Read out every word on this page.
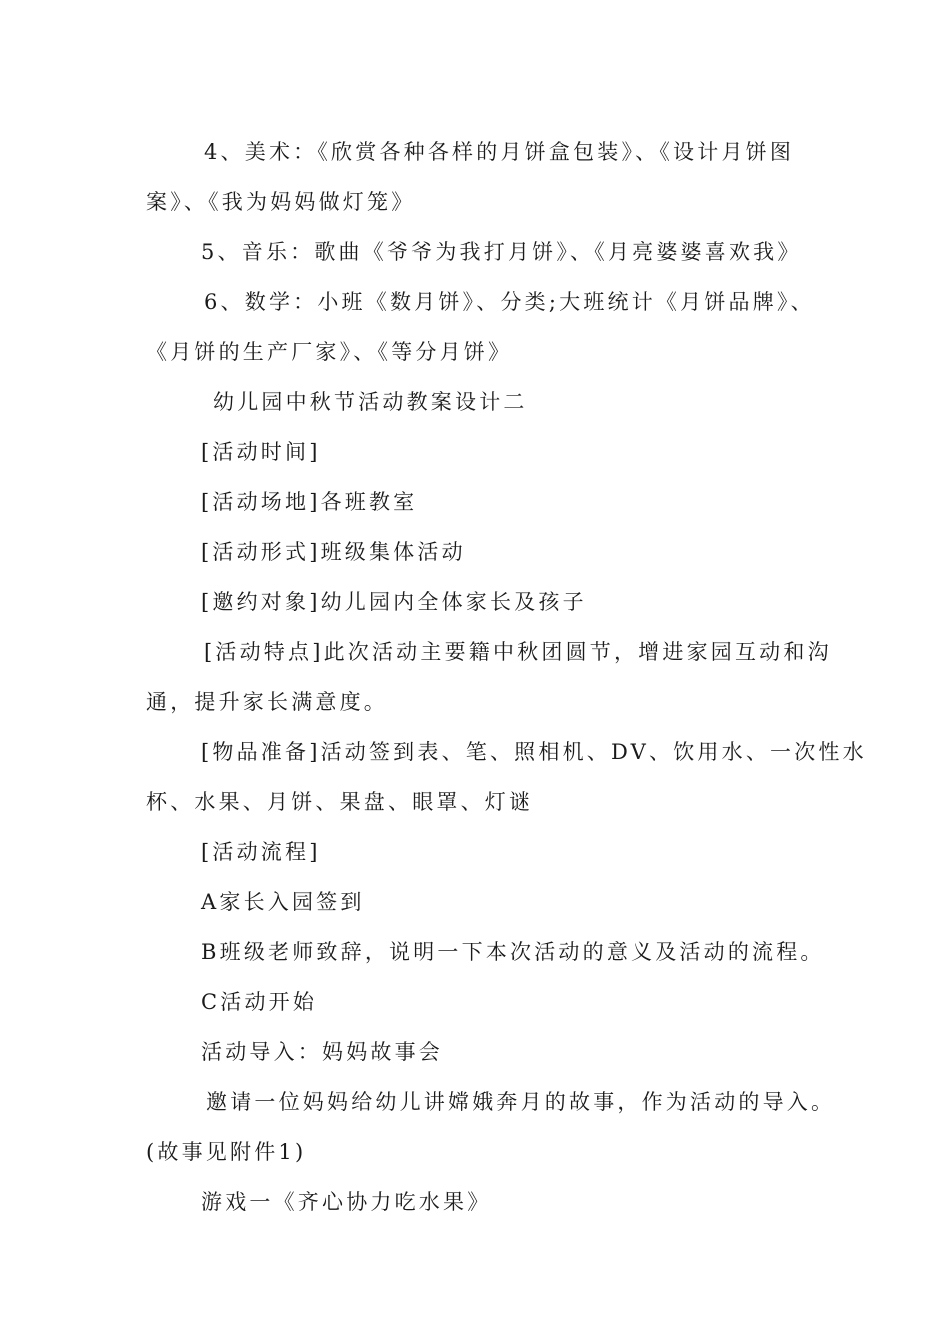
4、美术：《欣赏各种各样的月饼盒包装》、《设计月饼图
案》、《我为妈妈做灯笼》
5、音乐：歌曲《爷爷为我打月饼》、《月亮婆婆喜欢我》
6、数学：小班《数月饼》、分类;大班统计《月饼品牌》、
《月饼的生产厂家》、《等分月饼》
幼儿园中秋节活动教案设计二
[活动时间]
[活动场地]各班教室
[活动形式]班级集体活动
[邀约对象]幼儿园内全体家长及孩子
[活动特点]此次活动主要籍中秋团圆节，增进家园互动和沟
通，提升家长满意度。
[物品准备]活动签到表、笔、照相机、DV、饮用水、一次性水
杯、水果、月饼、果盘、眼罩、灯谜
[活动流程]
A家长入园签到
B班级老师致辞，说明一下本次活动的意义及活动的流程。
C活动开始
活动导入：妈妈故事会
邀请一位妈妈给幼儿讲嫦娥奔月的故事，作为活动的导入。
(故事见附件1)
游戏一《齐心协力吃水果》
